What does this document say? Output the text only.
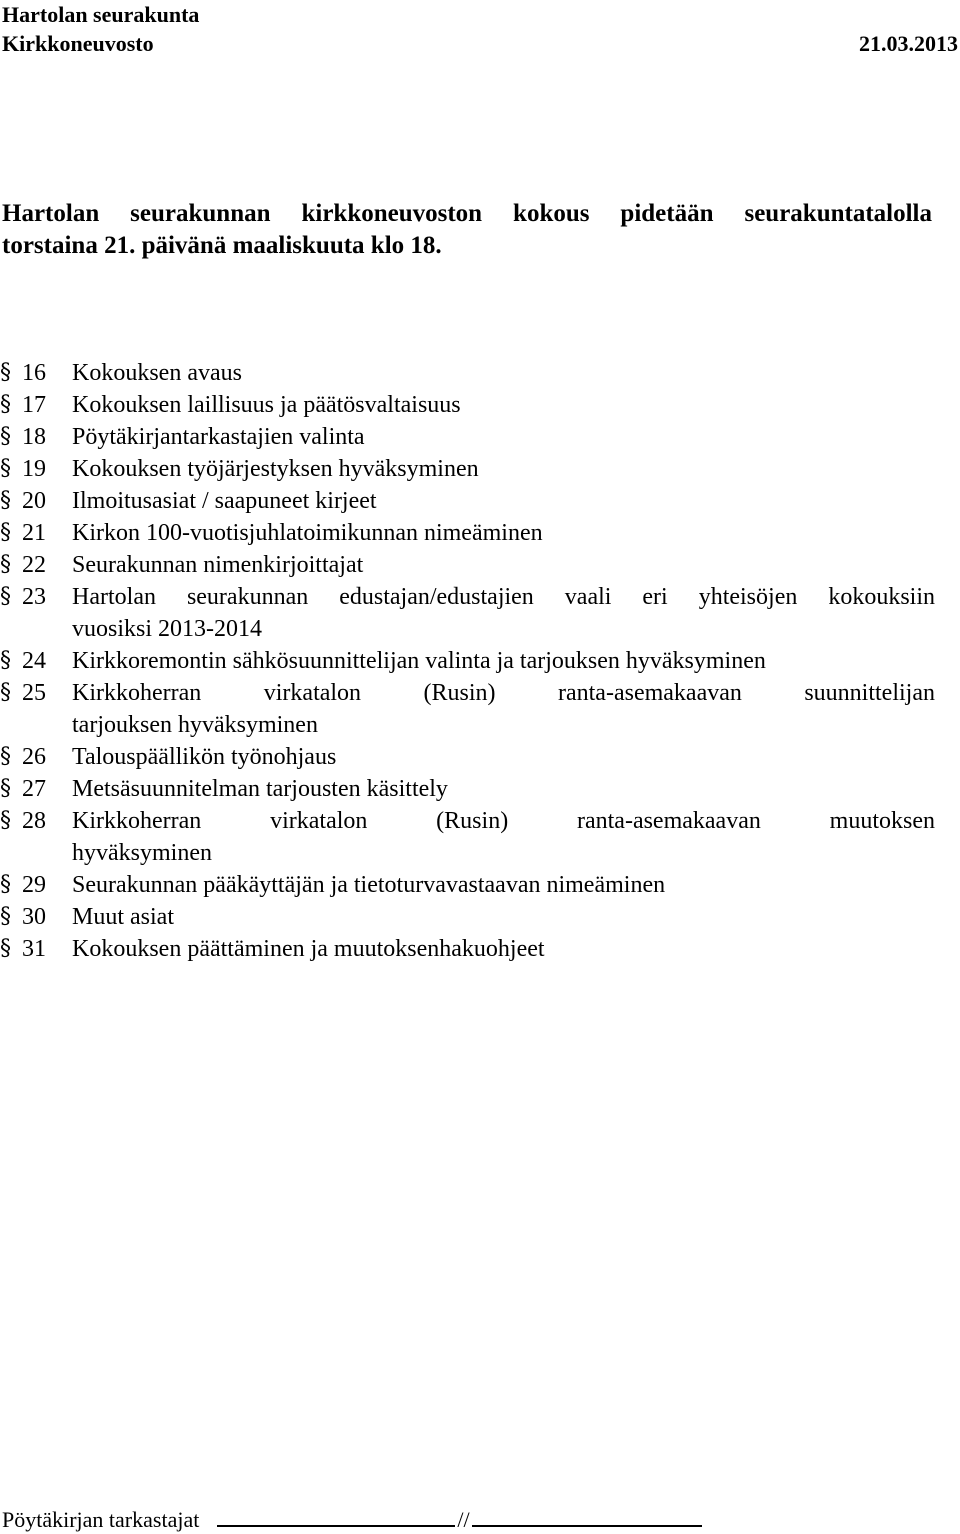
Hartolan seurakunta
Kirkkoneuvosto	21.03.2013
Hartolan seurakunnan kirkkoneuvoston kokous pidetään seurakuntatalolla
torstaina 21. päivänä maaliskuuta klo 18.
§ 16	Kokouksen avaus
§ 17	Kokouksen laillisuus ja päätösvaltaisuus
§ 18	Pöytäkirjantarkastajien valinta
§ 19	Kokouksen työjärjestyksen hyväksyminen
§ 20	Ilmoitusasiat / saapuneet kirjeet
§ 21	Kirkon 100-vuotisjuhlatoimikunnan nimeäminen
§ 22	Seurakunnan nimenkirjoittajat
§ 23	Hartolan seurakunnan edustajan/edustajien vaali eri yhteisöjen kokouksiin
vuosiksi 2013-2014
§ 24	Kirkkoremontin sähkösuunnittelijan valinta ja tarjouksen hyväksyminen
§ 25	Kirkkoherran virkatalon (Rusin) ranta-asemakaavan suunnittelijan
tarjouksen hyväksyminen
§ 26	Talouspäällikön työnohjaus
§ 27	Metsäsuunnitelman tarjousten käsittely
§ 28	Kirkkoherran virkatalon (Rusin) ranta-asemakaavan muutoksen
hyväksyminen
§ 29	Seurakunnan pääkäyttäjän ja tietoturvavastaavan nimeäminen
§ 30	Muut asiat
§ 31	Kokouksen päättäminen ja muutoksenhakuohjeet
Pöytäkirjan tarkastajat	//
